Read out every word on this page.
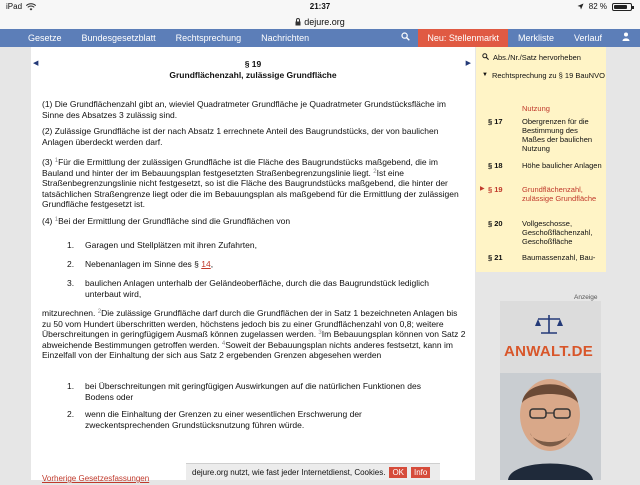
iPad	21:37	82 %
dejure.org
Gesetze	Bundesgesetzblatt	Rechtsprechung	Nachrichten	Neu: Stellenmarkt	Merkliste	Verlauf
◀	▶
§ 19
Grundflächenzahl, zulässige Grundfläche

(1) Die Grundflächenzahl gibt an, wieviel Quadratmeter Grundfläche je Quadratmeter Grundstücksfläche im Sinne des Absatzes 3 zulässig sind.

(2) Zulässige Grundfläche ist der nach Absatz 1 errechnete Anteil des Baugrundstücks, der von baulichen Anlagen überdeckt werden darf.

(3) $^1$Für die Ermittlung der zulässigen Grundfläche ist die Fläche des Baugrundstücks maßgebend, die im Bauland und hinter der im Bebauungsplan festgesetzten Straßenbegrenzungslinie liegt. $^2$Ist eine Straßenbegrenzungslinie nicht festgesetzt, so ist die Fläche des Baugrundstücks maßgebend, die hinter der tatsächlichen Straßengrenze liegt oder die im Bebauungsplan als maßgebend für die Ermittlung der zulässigen Grundfläche festgesetzt ist.

(4) $^1$Bei der Ermittlung der Grundfläche sind die Grundflächen von

1. Garagen und Stellplätzen mit ihren Zufahrten,
2. Nebenanlagen im Sinne des § 14,
3. baulichen Anlagen unterhalb der Geländeoberfläche, durch die das Baugrundstück lediglich unterbaut wird,

mitzurechnen. $^2$Die zulässige Grundfläche darf durch die Grundflächen der in Satz 1 bezeichneten Anlagen bis zu 50 vom Hundert überschritten werden, höchstens jedoch bis zu einer Grundflächenzahl von 0,8; weitere Überschreitungen in geringfügigem Ausmaß können zugelassen werden. $^3$Im Bebauungsplan können von Satz 2 abweichende Bestimmungen getroffen werden. $^4$Soweit der Bebauungsplan nichts anderes festsetzt, kann im Einzelfall von der Einhaltung der sich aus Satz 2 ergebenden Grenzen abgesehen werden

1. bei Überschreitungen mit geringfügigen Auswirkungen auf die natürlichen Funktionen des Bodens oder
2. wenn die Einhaltung der Grenzen zu einer wesentlichen Erschwerung der zweckentsprechenden Grundstücksnutzung führen würde.
Vorherige Gesetzesfassungen
Abs./Nr./Satz hervorheben
▼ Rechtsprechung zu § 19 BauNVO
Nutzung
§ 17	Obergrenzen für die Bestimmung des Maßes der baulichen Nutzung
§ 18	Höhe baulicher Anlagen
▶ § 19	Grundflächenzahl, zulässige Grundfläche
§ 20	Vollgeschosse, Geschoßflächenzahl, Geschoßfläche
§ 21	Baumassenzahl, Bau-
Anzeige
ANWALT.DE
dejure.org nutzt, wie fast jeder Internetdienst, Cookies. OK	Info
